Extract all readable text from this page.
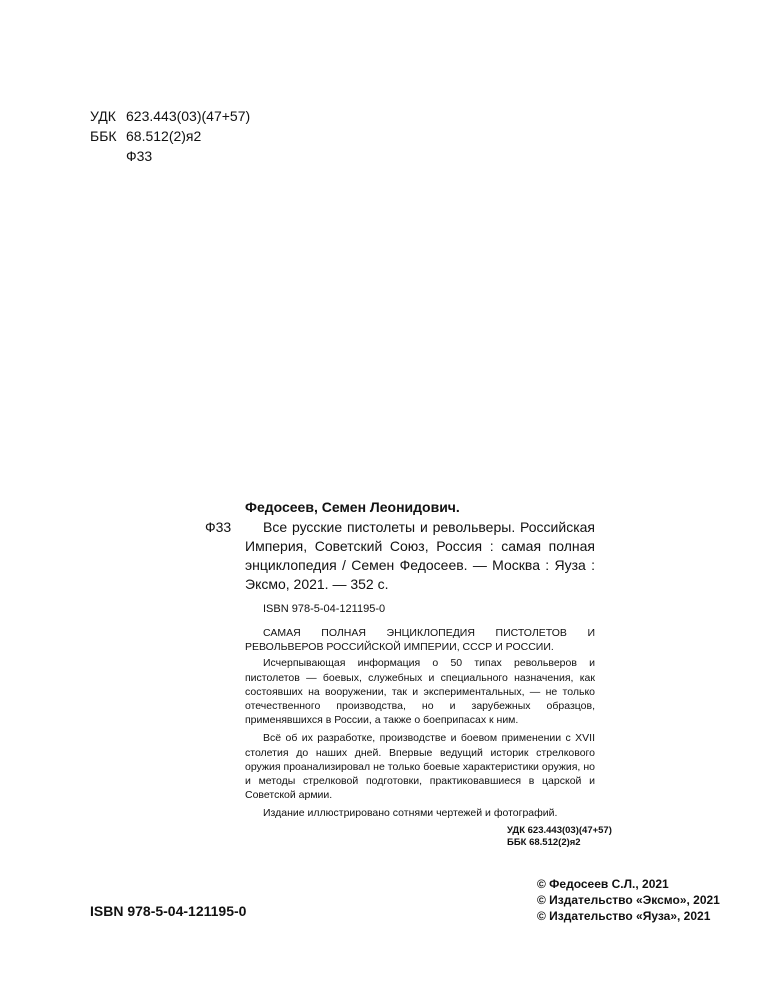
УДК 623.443(03)(47+57)
ББК 68.512(2)я2
Ф33
Федосеев, Семен Леонидович.
Ф33	Все русские пистолеты и револьверы. Российская Империя, Советский Союз, Россия : самая полная энциклопедия / Семен Федосеев. — Москва : Яуза : Эксмо, 2021. — 352 с.
ISBN 978-5-04-121195-0

САМАЯ ПОЛНАЯ ЭНЦИКЛОПЕДИЯ ПИСТОЛЕТОВ И РЕВОЛЬВЕРОВ РОССИЙСКОЙ ИМПЕРИИ, СССР И РОССИИ.

Исчерпывающая информация о 50 типах револьверов и пистолетов — боевых, служебных и специального назначения, как состоявших на вооружении, так и экспериментальных, — не только отечественного производства, но и зарубежных образцов, применявшихся в России, а также о боеприпасах к ним.

Всё об их разработке, производстве и боевом применении с XVII столетия до наших дней. Впервые ведущий историк стрелкового оружия проанализировал не только боевые характеристики оружия, но и методы стрелковой подготовки, практиковавшиеся в царской и Советской армии.

Издание иллюстрировано сотнями чертежей и фотографий.

УДК 623.443(03)(47+57)
ББК 68.512(2)я2
© Федосеев С.Л., 2021
© Издательство «Эксмо», 2021
© Издательство «Яуза», 2021
ISBN 978-5-04-121195-0
